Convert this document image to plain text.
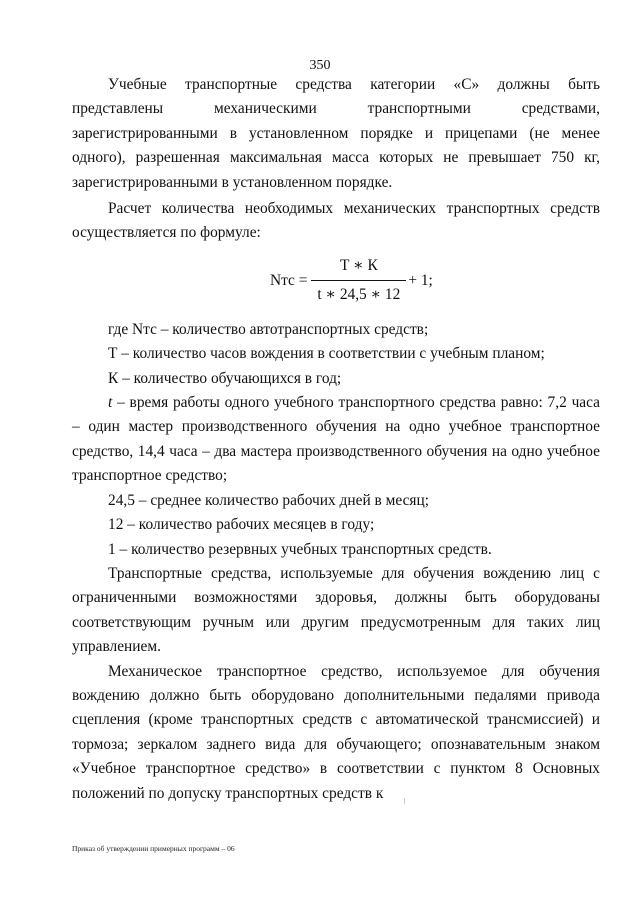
350

Учебные транспортные средства категории «С» должны быть представлены механическими транспортными средствами, зарегистрированными в установленном порядке и прицепами (не менее одного), разрешенная максимальная масса которых не превышает 750 кг, зарегистрированными в установленном порядке.

Расчет количества необходимых механических транспортных средств осуществляется по формуле:

Nтс = $\frac{Т ∗ К}{t ∗ 24,5 ∗ 12} + 1$;

где Nтс – количество автотранспортных средств;

Т – количество часов вождения в соответствии с учебным планом;

К – количество обучающихся в год;

t – время работы одного учебного транспортного средства равно: 7,2 часа – один мастер производственного обучения на одно учебное транспортное средство, 14,4 часа – два мастера производственного обучения на одно учебное транспортное средство;

24,5 – среднее количество рабочих дней в месяц;

12 – количество рабочих месяцев в году;

1 – количество резервных учебных транспортных средств.

Транспортные средства, используемые для обучения вождению лиц с ограниченными возможностями здоровья, должны быть оборудованы соответствующим ручным или другим предусмотренным для таких лиц управлением.

Механическое транспортное средство, используемое для обучения вождению должно быть оборудовано дополнительными педалями привода сцепления (кроме транспортных средств с автоматической трансмиссией) и тормоза; зеркалом заднего вида для обучающего; опознавательным знаком «Учебное транспортное средство» в соответствии с пунктом 8 Основных положений по допуску транспортных средств к

Приказ об утверждении примерных программ – 06
